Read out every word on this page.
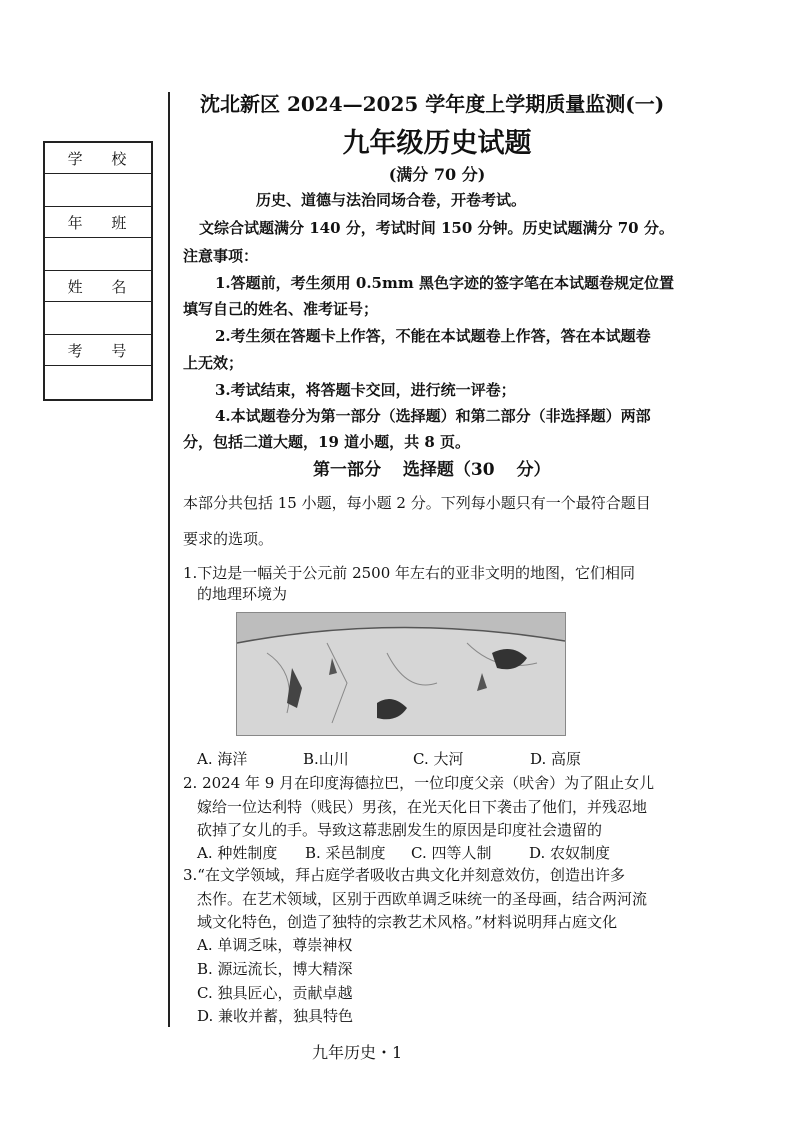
学 校
年 班
姓 名
考 号
沈北新区 2024—2025 学年度上学期质量监测(一)
九年级历史试题
(满分 70 分)
历史、道德与法治同场合卷，开卷考试。
文综合试题满分 140 分，考试时间 150 分钟。历史试题满分 70 分。
注意事项：
1.答题前，考生须用 0.5mm 黑色字迹的签字笔在本试题卷规定位置
填写自己的姓名、准考证号；
2.考生须在答题卡上作答，不能在本试题卷上作答，答在本试题卷
上无效；
3.考试结束，将答题卡交回，进行统一评卷；
4.本试题卷分为第一部分（选择题）和第二部分（非选择题）两部
分，包括二道大题，19 道小题，共 8 页。
第一部分 选择题（30 分）
本部分共包括 15 小题，每小题 2 分。下列每小题只有一个最符合题目
要求的选项。
1.下边是一幅关于公元前 2500 年左右的亚非文明的地图，它们相同
的地理环境为
A. 海洋	B.山川	C. 大河	D. 高原
2. 2024 年 9 月在印度海德拉巴，一位印度父亲（吠舍）为了阻止女儿
嫁给一位达利特（贱民）男孩，在光天化日下袭击了他们，并残忍地
砍掉了女儿的手。导致这幕悲剧发生的原因是印度社会遗留的
A. 种姓制度	B. 采邑制度	C. 四等人制	D. 农奴制度
3.“在文学领域，拜占庭学者吸收古典文化并刻意效仿，创造出许多
杰作。在艺术领域，区别于西欧单调乏味统一的圣母画，结合两河流
域文化特色，创造了独特的宗教艺术风格。”材料说明拜占庭文化
A. 单调乏味，尊崇神权
B. 源远流长，博大精深
C. 独具匠心，贡献卓越
D. 兼收并蓄，独具特色
九年历史・1
